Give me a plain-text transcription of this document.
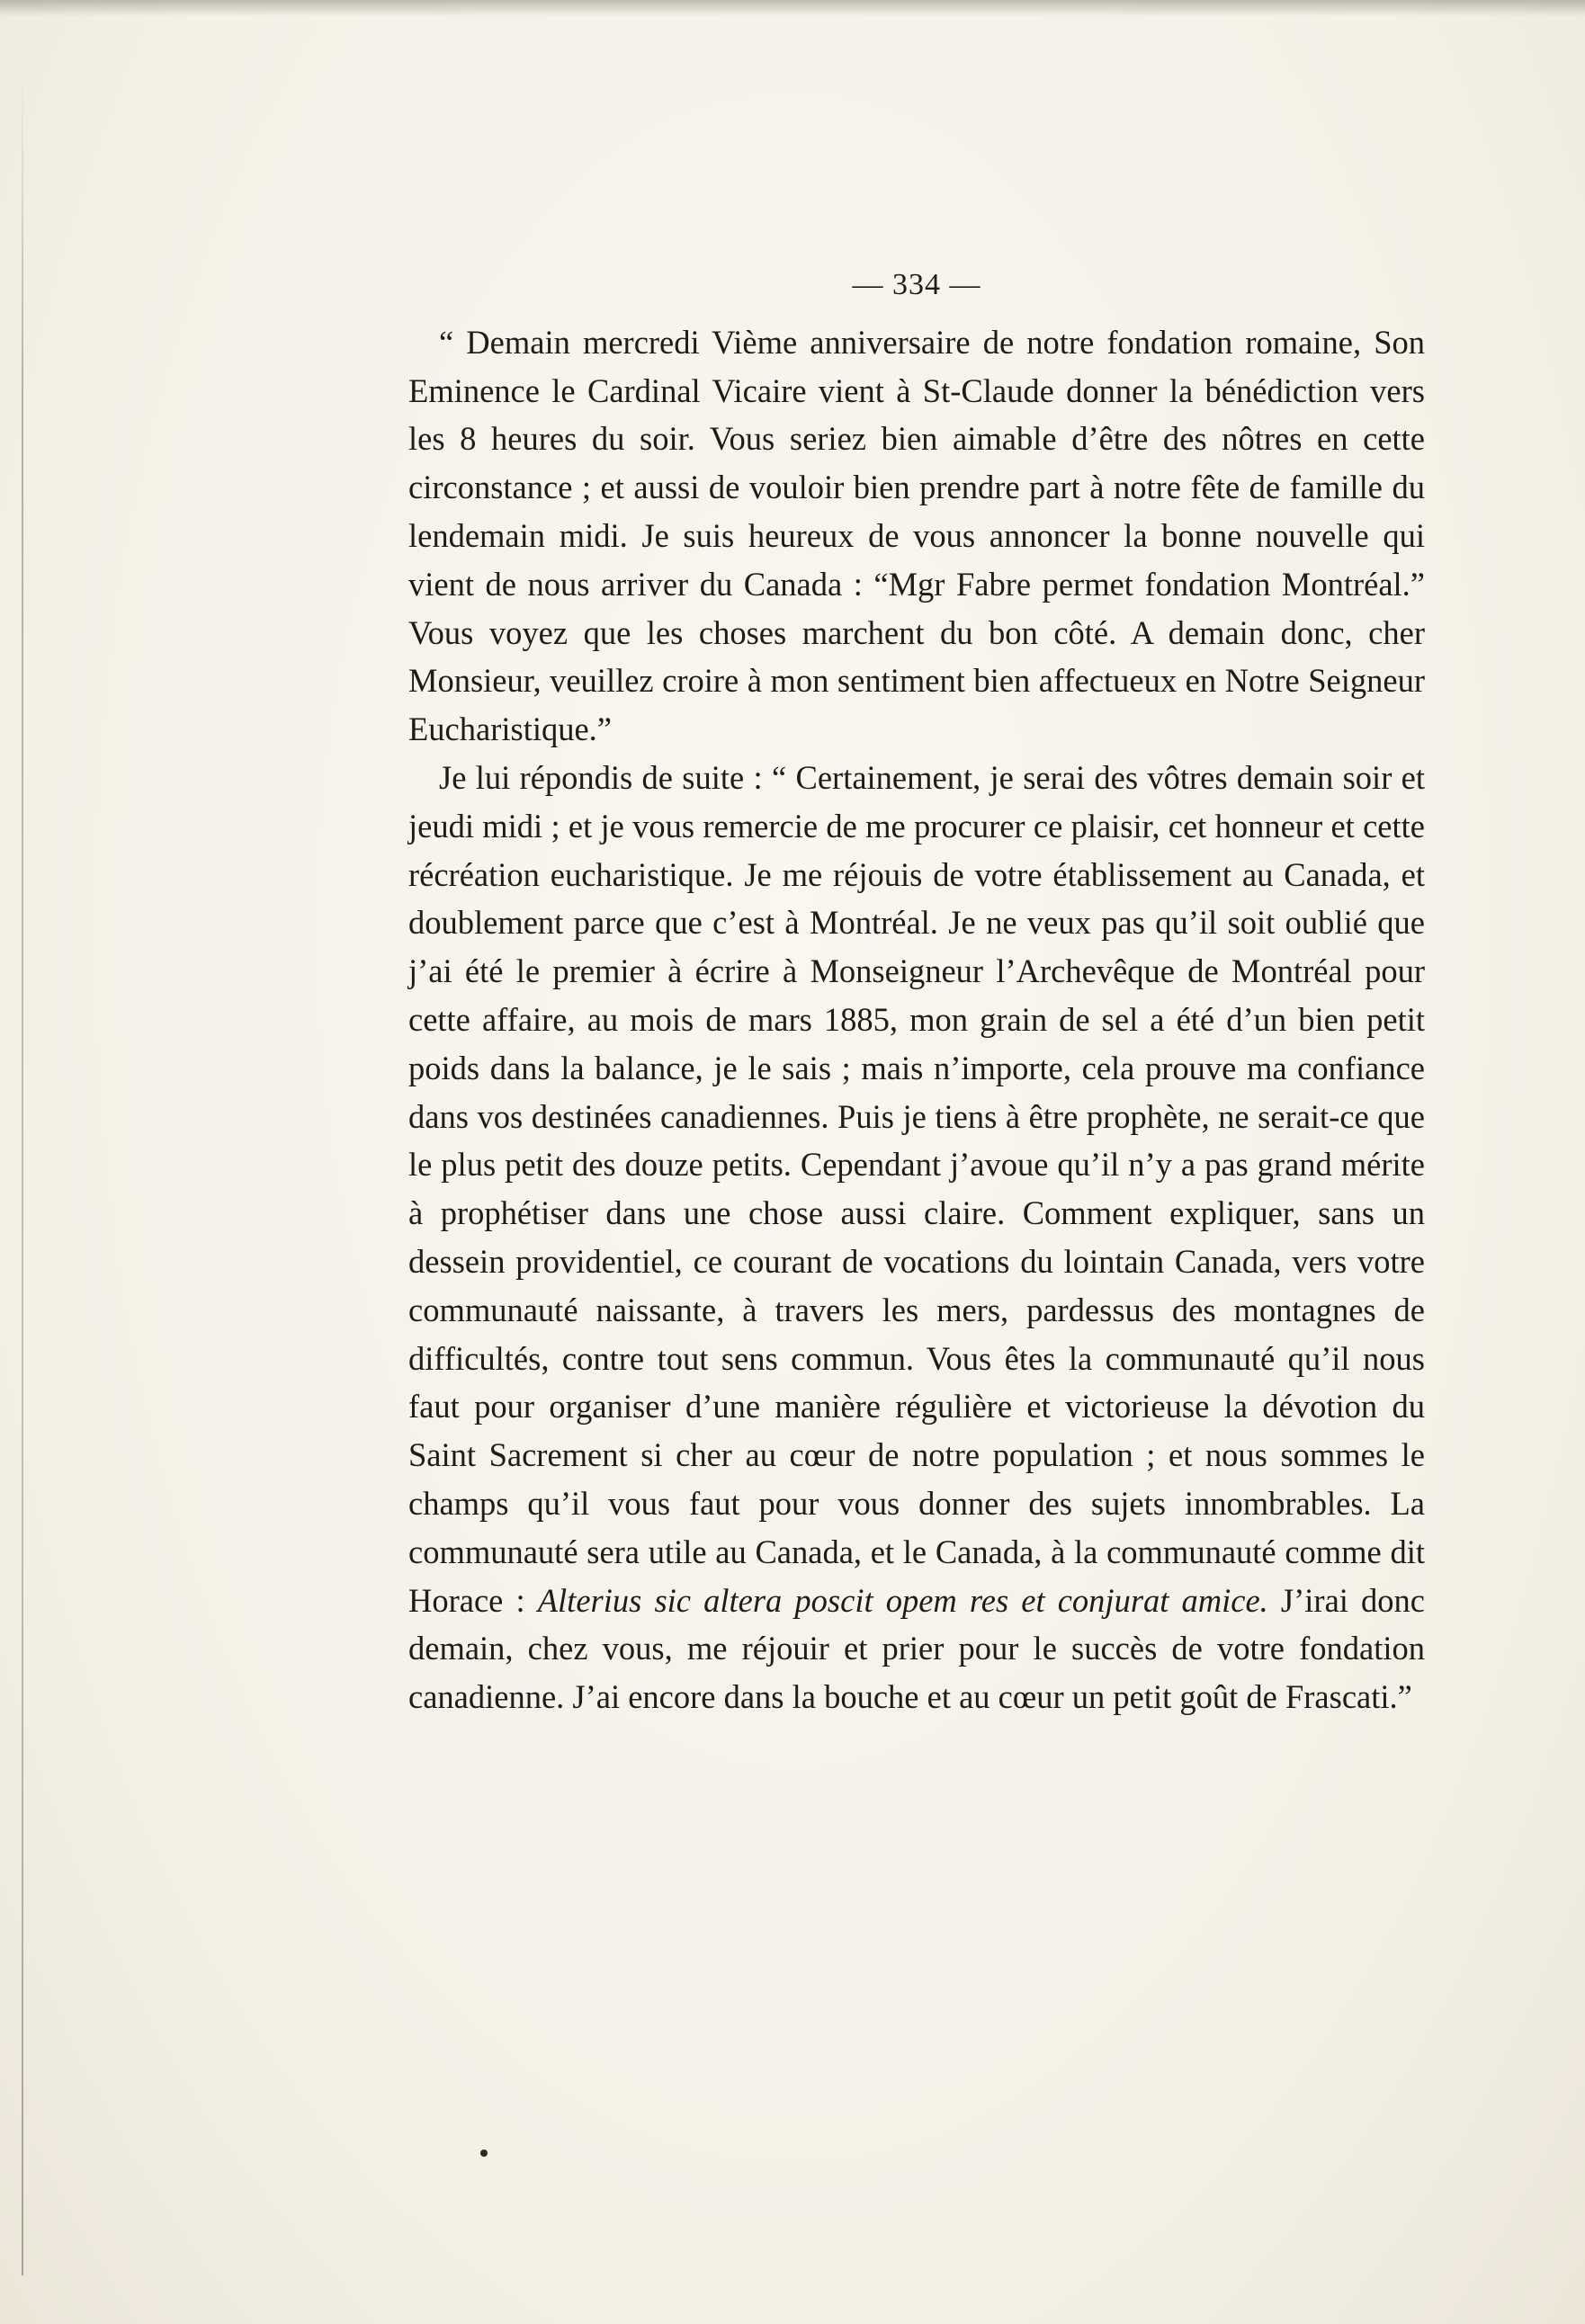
— 334 —

“ Demain mercredi Vième anniversaire de notre fondation romaine, Son Eminence le Cardinal Vicaire vient à St-Claude donner la bénédiction vers les 8 heures du soir. Vous seriez bien aimable d’être des nôtres en cette circonstance ; et aussi de vouloir bien prendre part à notre fête de famille du lendemain midi. Je suis heureux de vous annoncer la bonne nouvelle qui vient de nous arriver du Canada : “Mgr Fabre permet fondation Montréal.” Vous voyez que les choses marchent du bon côté. A demain donc, cher Monsieur, veuillez croire à mon sentiment bien affectueux en Notre Seigneur Eucharistique.”

Je lui répondis de suite : “ Certainement, je serai des vôtres demain soir et jeudi midi ; et je vous remercie de me procurer ce plaisir, cet honneur et cette récréation eucharistique. Je me réjouis de votre établissement au Canada, et doublement parce que c’est à Montréal. Je ne veux pas qu’il soit oublié que j’ai été le premier à écrire à Monseigneur l’Archevêque de Montréal pour cette affaire, au mois de mars 1885, mon grain de sel a été d’un bien petit poids dans la balance, je le sais ; mais n’importe, cela prouve ma confiance dans vos destinées canadiennes. Puis je tiens à être prophète, ne serait-ce que le plus petit des douze petits. Cependant j’avoue qu’il n’y a pas grand mérite à prophétiser dans une chose aussi claire. Comment expliquer, sans un dessein providentiel, ce courant de vocations du lointain Canada, vers votre communauté naissante, à travers les mers, pardessus des montagnes de difficultés, contre tout sens commun. Vous êtes la communauté qu’il nous faut pour organiser d’une manière régulière et victorieuse la dévotion du Saint Sacrement si cher au cœur de notre population ; et nous sommes le champs qu’il vous faut pour vous donner des sujets innombrables. La communauté sera utile au Canada, et le Canada, à la communauté comme dit Horace : Alterius sic altera poscit opem res et conjurat amice. J’irai donc demain, chez vous, me réjouir et prier pour le succès de votre fondation canadienne. J’ai encore dans la bouche et au cœur un petit goût de Frascati.”
